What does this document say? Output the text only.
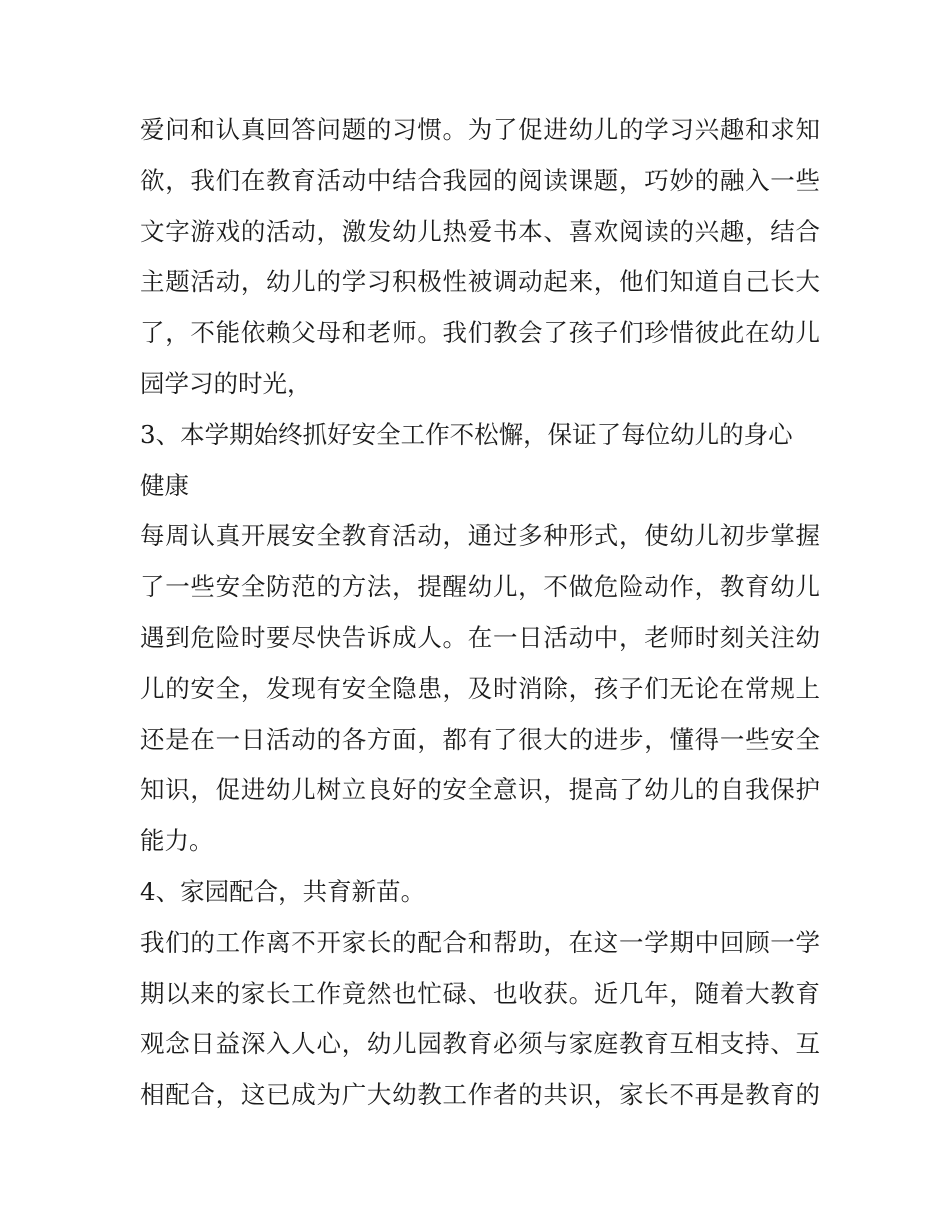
爱问和认真回答问题的习惯。为了促进幼儿的学习兴趣和求知
欲，我们在教育活动中结合我园的阅读课题，巧妙的融入一些
文字游戏的活动，激发幼儿热爱书本、喜欢阅读的兴趣，结合
主题活动，幼儿的学习积极性被调动起来，他们知道自己长大
了，不能依赖父母和老师。我们教会了孩子们珍惜彼此在幼儿
园学习的时光，
3、本学期始终抓好安全工作不松懈，保证了每位幼儿的身心
健康
每周认真开展安全教育活动，通过多种形式，使幼儿初步掌握
了一些安全防范的方法，提醒幼儿，不做危险动作，教育幼儿
遇到危险时要尽快告诉成人。在一日活动中，老师时刻关注幼
儿的安全，发现有安全隐患，及时消除，孩子们无论在常规上
还是在一日活动的各方面，都有了很大的进步，懂得一些安全
知识，促进幼儿树立良好的安全意识，提高了幼儿的自我保护
能力。
4、家园配合，共育新苗。
我们的工作离不开家长的配合和帮助，在这一学期中回顾一学
期以来的家长工作竟然也忙碌、也收获。近几年，随着大教育
观念日益深入人心，幼儿园教育必须与家庭教育互相支持、互
相配合，这已成为广大幼教工作者的共识，家长不再是教育的
